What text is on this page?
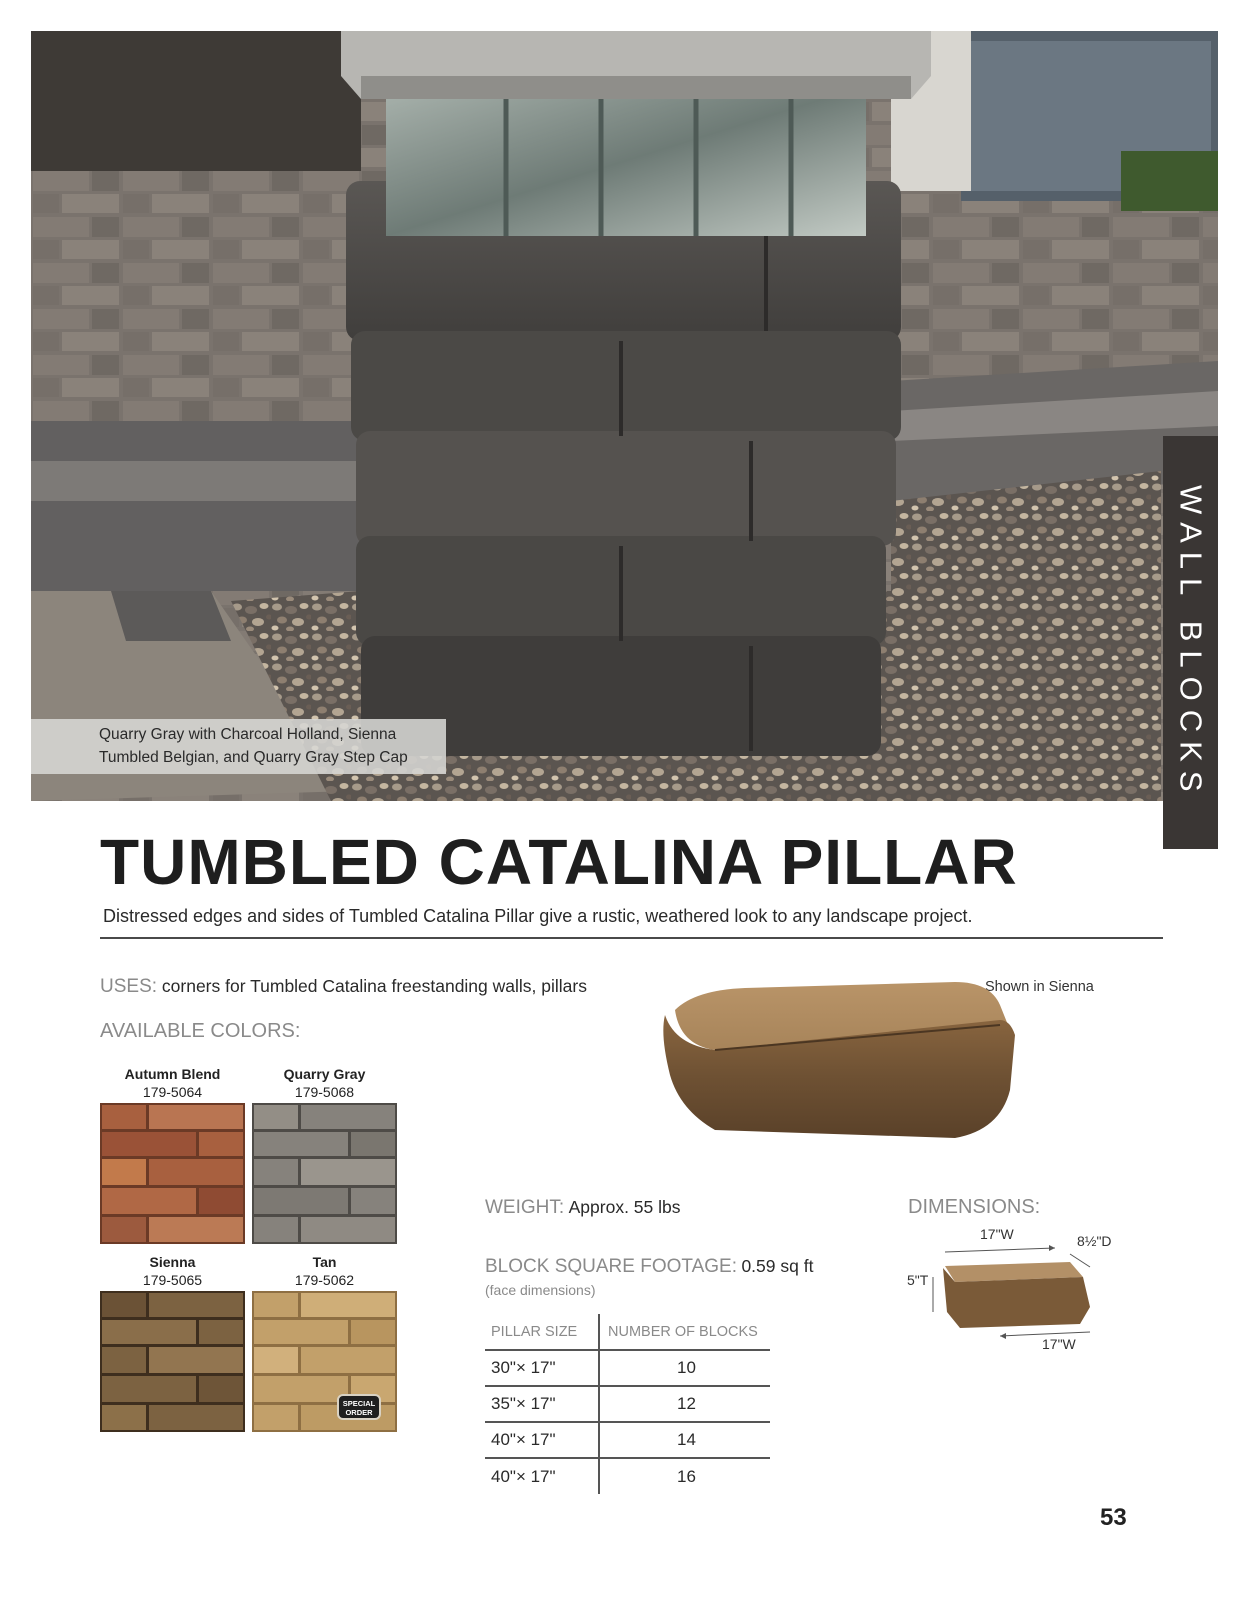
Quarry Gray with Charcoal Holland, Sienna
Tumbled Belgian, and Quarry Gray Step Cap	WALL BLOCKS
TUMBLED CATALINA PILLAR

Distressed edges and sides of Tumbled Catalina Pillar give a rustic, weathered look to any landscape project.

USES: corners for Tumbled Catalina freestanding walls, pillars
AVAILABLE COLORS:
Autumn Blend
179-5064
Quarry Gray
179-5068
Sienna
179-5065
Tan
179-5062
SPECIAL
ORDER
Shown in Sienna
WEIGHT: Approx. 55 lbs
BLOCK SQUARE FOOTAGE: 0.59 sq ft
(face dimensions)
DIMENSIONS:
17"W	8½"D
5"T
17"W
PILLAR SIZE	NUMBER OF BLOCKS
30"× 17"	10
35"× 17"	12
40"× 17"	14
40"× 17"	16
53
